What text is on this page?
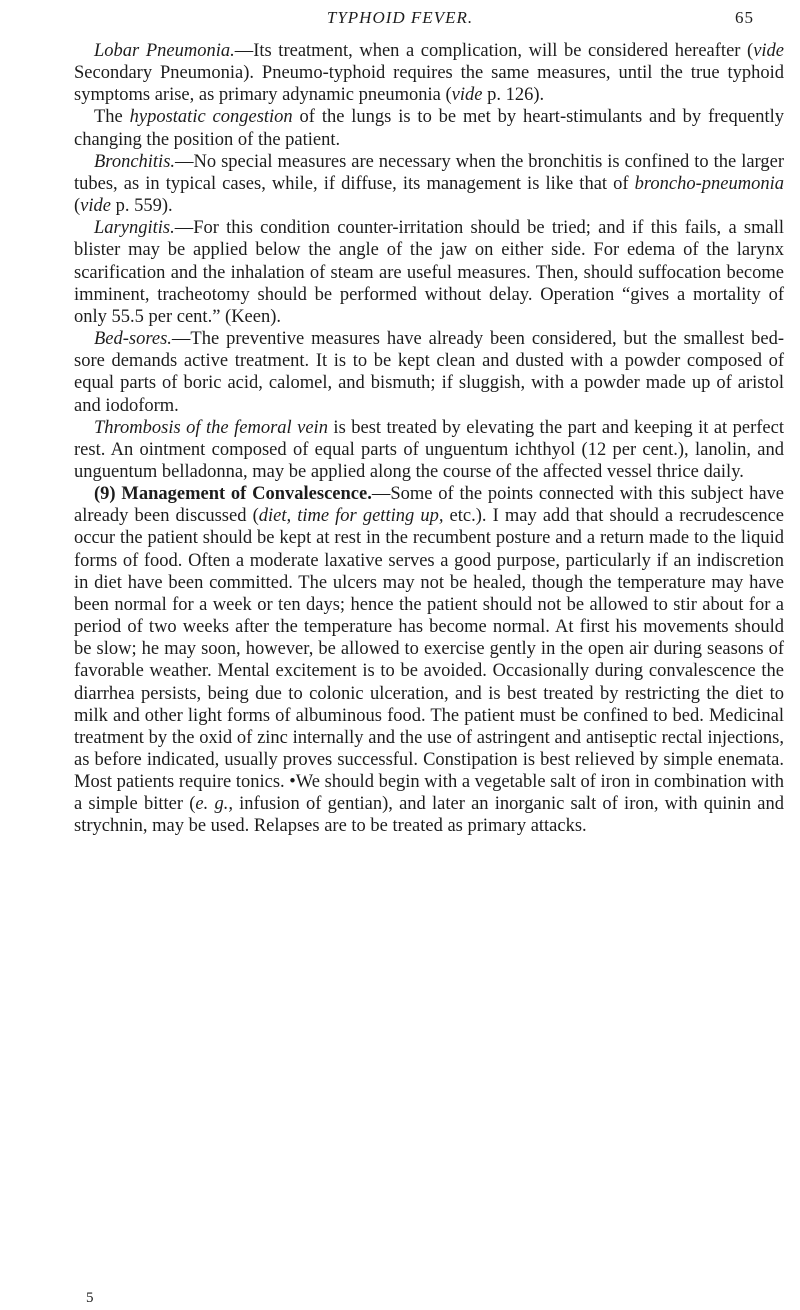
TYPHOID FEVER.	65

Lobar Pneumonia.—Its treatment, when a complication, will be considered hereafter (vide Secondary Pneumonia). Pneumo-typhoid requires the same measures, until the true typhoid symptoms arise, as primary adynamic pneumonia (vide p. 126).

The hypostatic congestion of the lungs is to be met by heart-stimulants and by frequently changing the position of the patient.

Bronchitis.—No special measures are necessary when the bronchitis is confined to the larger tubes, as in typical cases, while, if diffuse, its management is like that of broncho-pneumonia (vide p. 559).

Laryngitis.—For this condition counter-irritation should be tried; and if this fails, a small blister may be applied below the angle of the jaw on either side. For edema of the larynx scarification and the inhalation of steam are useful measures. Then, should suffocation become imminent, tracheotomy should be performed without delay. Operation “gives a mortality of only 55.5 per cent.” (Keen).

Bed-sores.—The preventive measures have already been considered, but the smallest bed-sore demands active treatment. It is to be kept clean and dusted with a powder composed of equal parts of boric acid, calomel, and bismuth; if sluggish, with a powder made up of aristol and iodoform.

Thrombosis of the femoral vein is best treated by elevating the part and keeping it at perfect rest. An ointment composed of equal parts of unguentum ichthyol (12 per cent.), lanolin, and unguentum belladonna, may be applied along the course of the affected vessel thrice daily.

(9) Management of Convalescence.—Some of the points connected with this subject have already been discussed (diet, time for getting up, etc.). I may add that should a recrudescence occur the patient should be kept at rest in the recumbent posture and a return made to the liquid forms of food. Often a moderate laxative serves a good purpose, particularly if an indiscretion in diet have been committed. The ulcers may not be healed, though the temperature may have been normal for a week or ten days; hence the patient should not be allowed to stir about for a period of two weeks after the temperature has become normal. At first his movements should be slow; he may soon, however, be allowed to exercise gently in the open air during seasons of favorable weather. Mental excitement is to be avoided. Occasionally during convalescence the diarrhea persists, being due to colonic ulceration, and is best treated by restricting the diet to milk and other light forms of albuminous food. The patient must be confined to bed. Medicinal treatment by the oxid of zinc internally and the use of astringent and antiseptic rectal injections, as before indicated, usually proves successful. Constipation is best relieved by simple enemata. Most patients require tonics. •We should begin with a vegetable salt of iron in combination with a simple bitter (e. g., infusion of gentian), and later an inorganic salt of iron, with quinin and strychnin, may be used. Relapses are to be treated as primary attacks.

5
